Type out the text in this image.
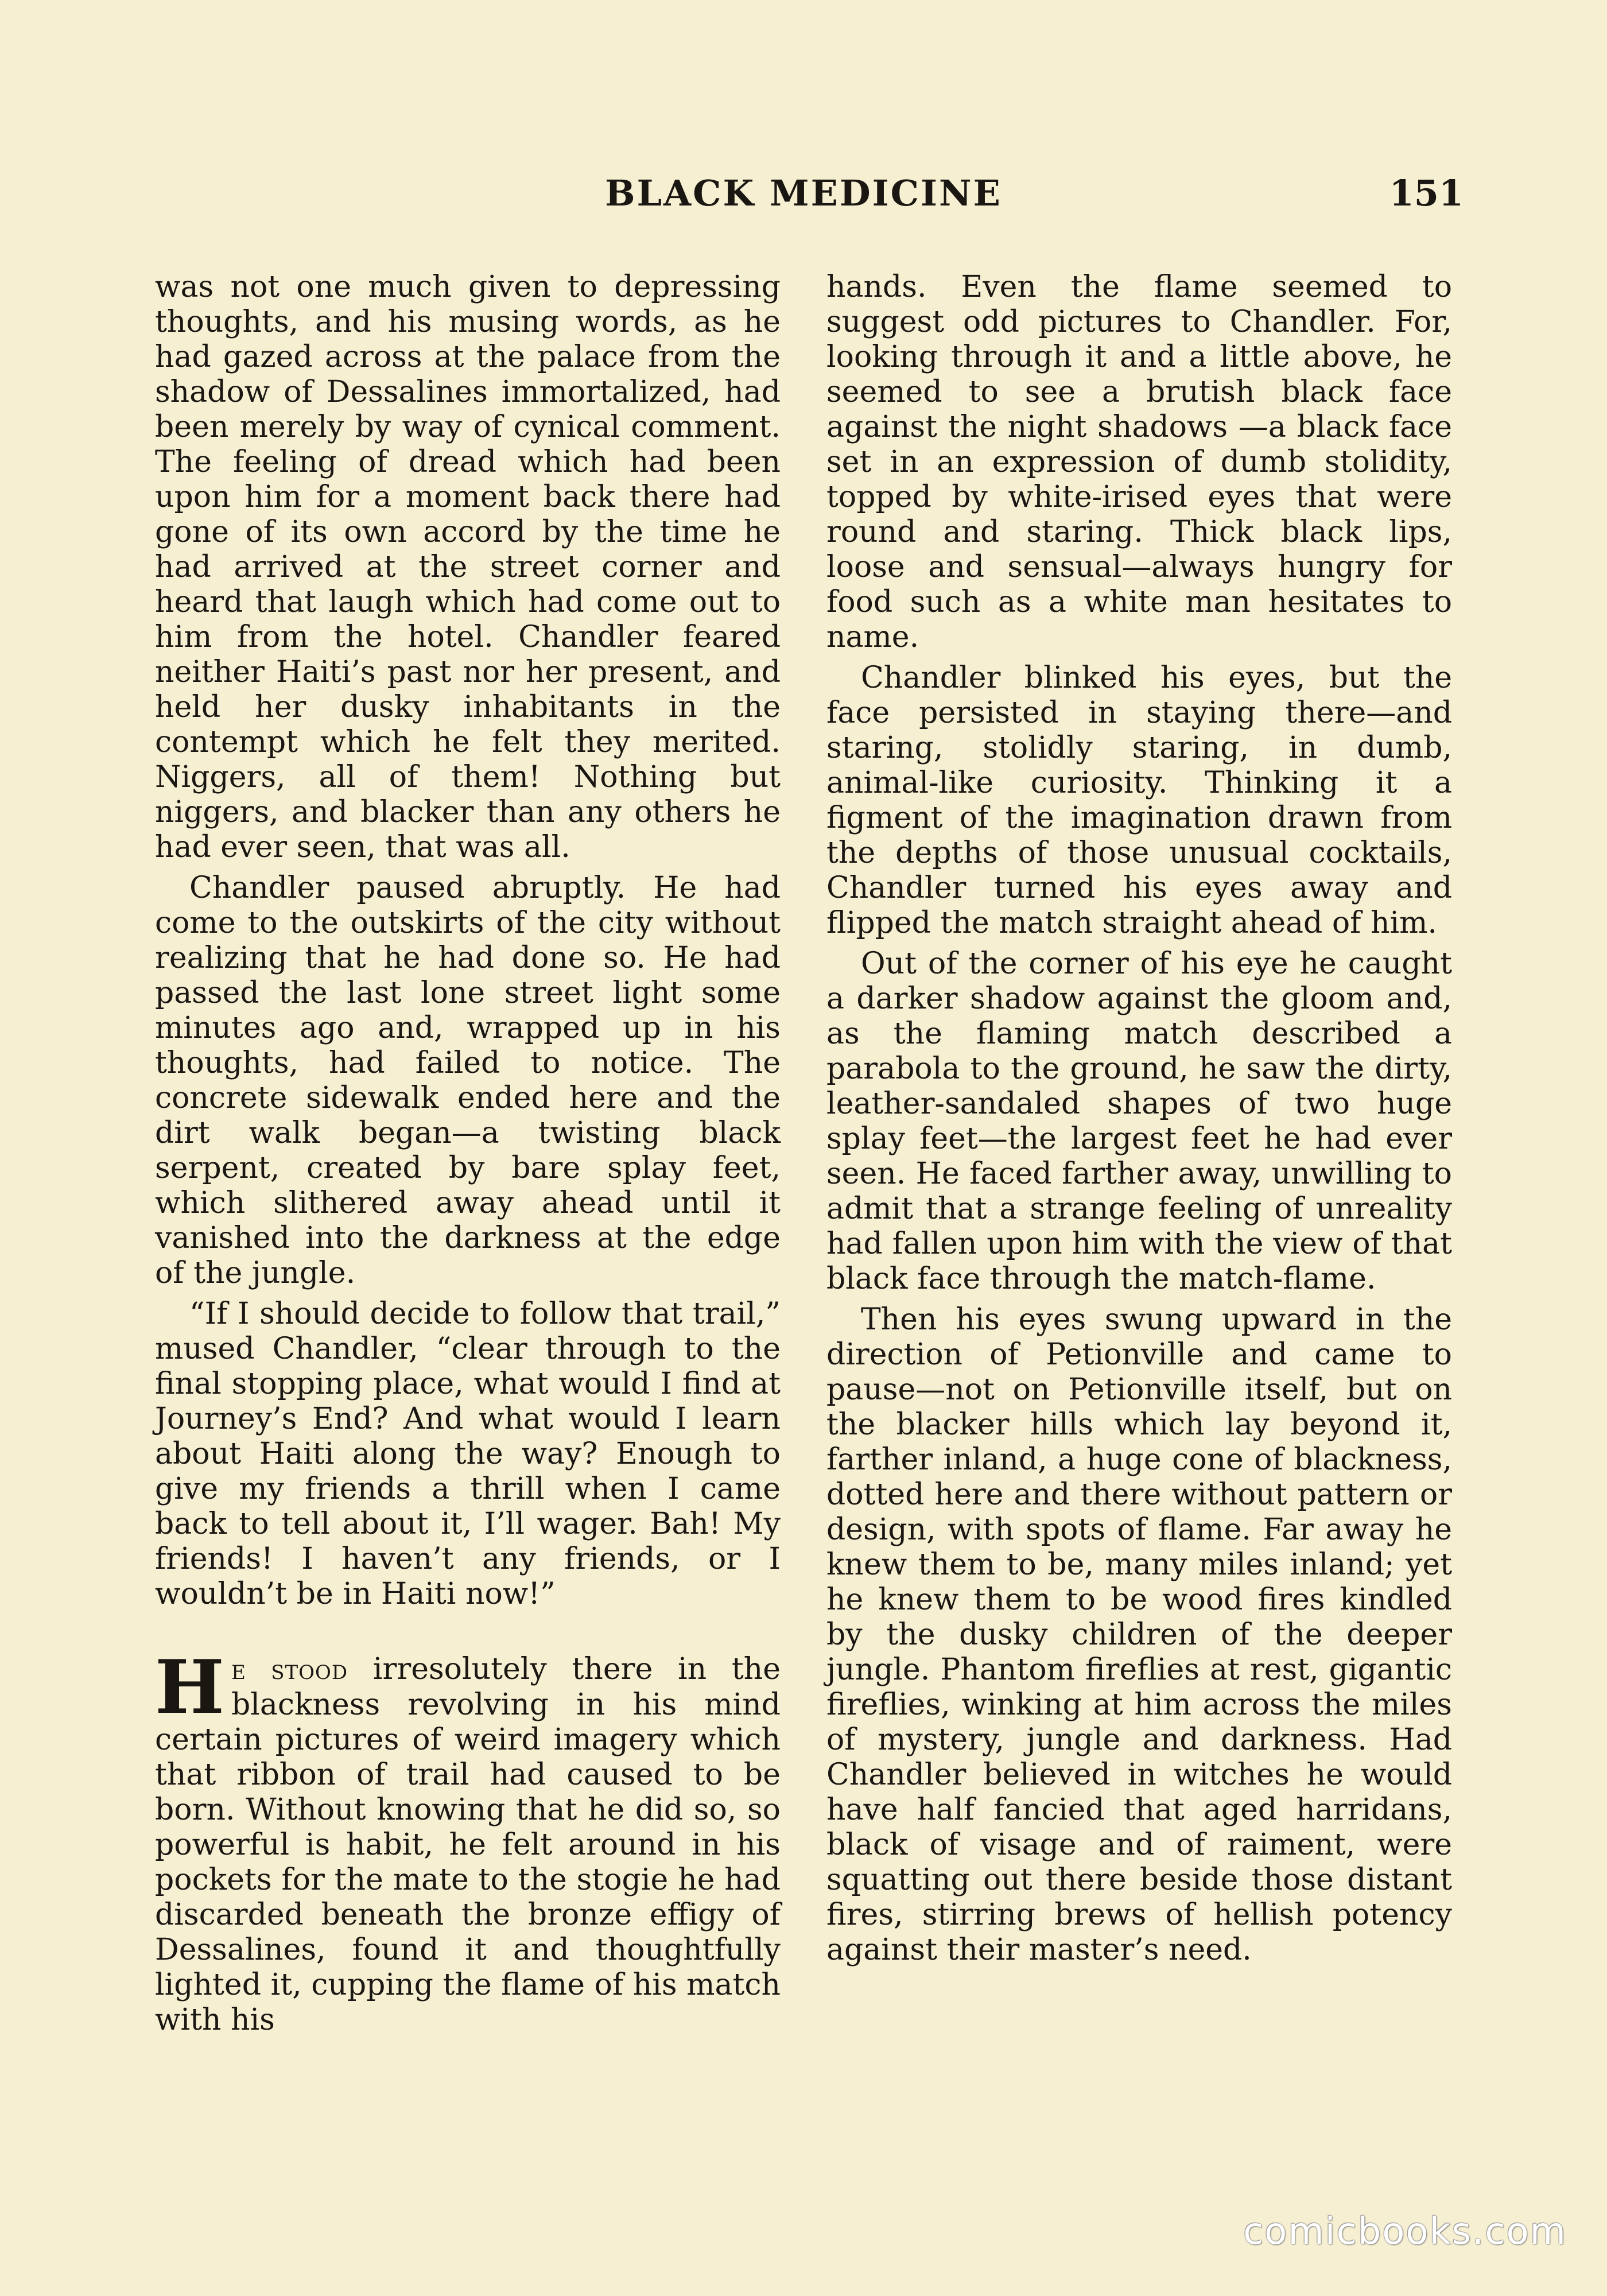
BLACK MEDICINE	151

was not one much given to depressing thoughts, and his musing words, as he had gazed across at the palace from the shadow of Dessalines immortalized, had been merely by way of cynical comment. The feeling of dread which had been upon him for a moment back there had gone of its own accord by the time he had arrived at the street corner and heard that laugh which had come out to him from the hotel. Chandler feared neither Haiti’s past nor her present, and held her dusky inhabitants in the contempt which he felt they merited. Niggers, all of them! Nothing but niggers, and blacker than any others he had ever seen, that was all.

Chandler paused abruptly. He had come to the outskirts of the city without realizing that he had done so. He had passed the last lone street light some minutes ago and, wrapped up in his thoughts, had failed to notice. The concrete sidewalk ended here and the dirt walk began—a twisting black serpent, created by bare splay feet, which slithered away ahead until it vanished into the darkness at the edge of the jungle.

“If I should decide to follow that trail,” mused Chandler, “clear through to the final stopping place, what would I find at Journey’s End? And what would I learn about Haiti along the way? Enough to give my friends a thrill when I came back to tell about it, I’ll wager. Bah! My friends! I haven’t any friends, or I wouldn’t be in Haiti now!”

He stood irresolutely there in the blackness revolving in his mind certain pictures of weird imagery which that ribbon of trail had caused to be born. Without knowing that he did so, so powerful is habit, he felt around in his pockets for the mate to the stogie he had discarded beneath the bronze effigy of Dessalines, found it and thoughtfully lighted it, cupping the flame of his match with his

hands. Even the flame seemed to suggest odd pictures to Chandler. For, looking through it and a little above, he seemed to see a brutish black face against the night shadows —a black face set in an expression of dumb stolidity, topped by white-irised eyes that were round and staring. Thick black lips, loose and sensual—always hungry for food such as a white man hesitates to name.

Chandler blinked his eyes, but the face persisted in staying there—and staring, stolidly staring, in dumb, animal-like curiosity. Thinking it a figment of the imagination drawn from the depths of those unusual cocktails, Chandler turned his eyes away and flipped the match straight ahead of him.

Out of the corner of his eye he caught a darker shadow against the gloom and, as the flaming match described a parabola to the ground, he saw the dirty, leather-sandaled shapes of two huge splay feet—the largest feet he had ever seen. He faced farther away, unwilling to admit that a strange feeling of unreality had fallen upon him with the view of that black face through the match-flame.

Then his eyes swung upward in the direction of Petionville and came to pause—not on Petionville itself, but on the blacker hills which lay beyond it, farther inland, a huge cone of blackness, dotted here and there without pattern or design, with spots of flame. Far away he knew them to be, many miles inland; yet he knew them to be wood fires kindled by the dusky children of the deeper jungle. Phantom fireflies at rest, gigantic fireflies, winking at him across the miles of mystery, jungle and darkness. Had Chandler believed in witches he would have half fancied that aged harridans, black of visage and of raiment, were squatting out there beside those distant fires, stirring brews of hellish potency against their master’s need.

comicbooks.com
